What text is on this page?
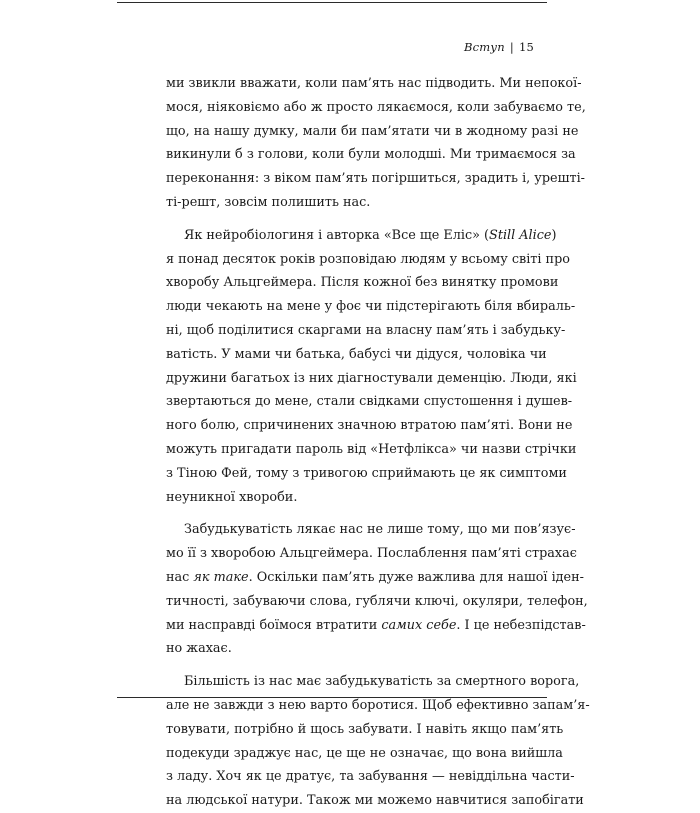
Вступ | 15
ми звикли вважати, коли пам’ять нас підводить. Ми непокої-
мося, ніяковіємо або ж просто лякаємося, коли забуваємо те,
що, на нашу думку, мали би пам’ятати чи в жодному разі не
викинули б з голови, коли були молодші. Ми тримаємося за
переконання: з віком пам’ять погіршиться, зрадить і, урешті-
ті-решт, зовсім полишить нас.
Як нейробіологиня і авторка «Все ще Еліс» (Still Alice)
я понад десяток років розповідаю людям у всьому світі про
хворобу Альцгеймера. Після кожної без винятку промови
люди чекають на мене у фоє чи підстерігають біля вбираль-
ні, щоб поділитися скаргами на власну пам’ять і забудьку-
ватість. У мами чи батька, бабусі чи дідуся, чоловіка чи
дружини багатьох із них діагностували деменцію. Люди, які
звертаються до мене, стали свідками спустошення і душев-
ного болю, спричинених значною втратою пам’яті. Вони не
можуть пригадати пароль від «Нетфлікса» чи назви стрічки
з Тіною Фей, тому з тривогою сприймають це як симптоми
неуникної хвороби.
Забудькуватість лякає нас не лише тому, що ми пов’язує-
мо її з хворобою Альцгеймера. Послаблення пам’яті страхає
нас як таке. Оскільки пам’ять дуже важлива для нашої іден-
тичності, забуваючи слова, гублячи ключі, окуляри, телефон,
ми насправді боїмося втратити самих себе. І це небезпідстав-
но жахає.
Більшість із нас має забудькуватість за смертного ворога,
але не завжди з нею варто боротися. Щоб ефективно запам’я-
товувати, потрібно й щось забувати. І навіть якщо пам’ять
подекуди зраджує нас, це ще не означає, що вона вийшла
з ладу. Хоч як це дратує, та забування — невіддільна части-
на людської натури. Також ми можемо навчитися запобігати
